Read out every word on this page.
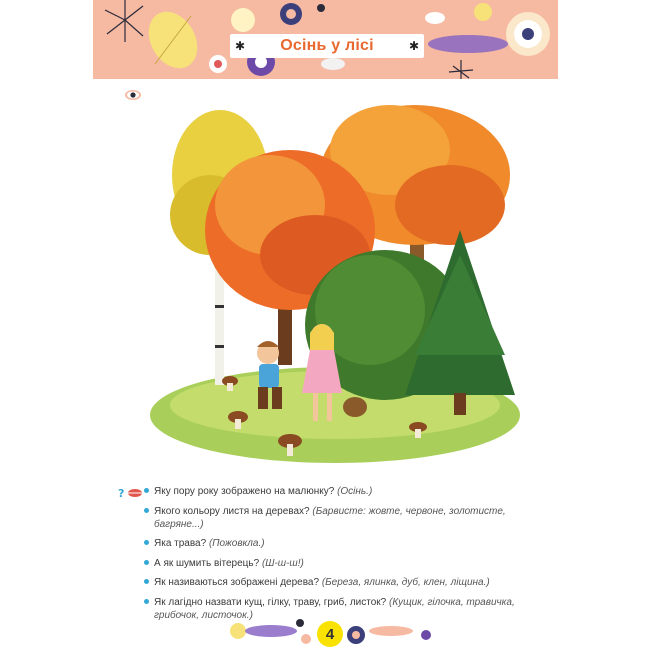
✱ Осінь у лісі	✱
?	Яку пору року зображено на малюнку? (Осінь.)
Якого кольору листя на деревах? (Барвисте: жовте, червоне, золотисте, багряне...)
Яка трава? (Пожовкла.)
А як шумить вітерець? (Ш-ш-ш!)
Як називаються зображені дерева? (Береза, ялинка, дуб, клен, ліщина.)
Як лагідно назвати кущ, гілку, траву, гриб, листок? (Кущик, гілочка, травичка, грибочок, листочок.)
4
